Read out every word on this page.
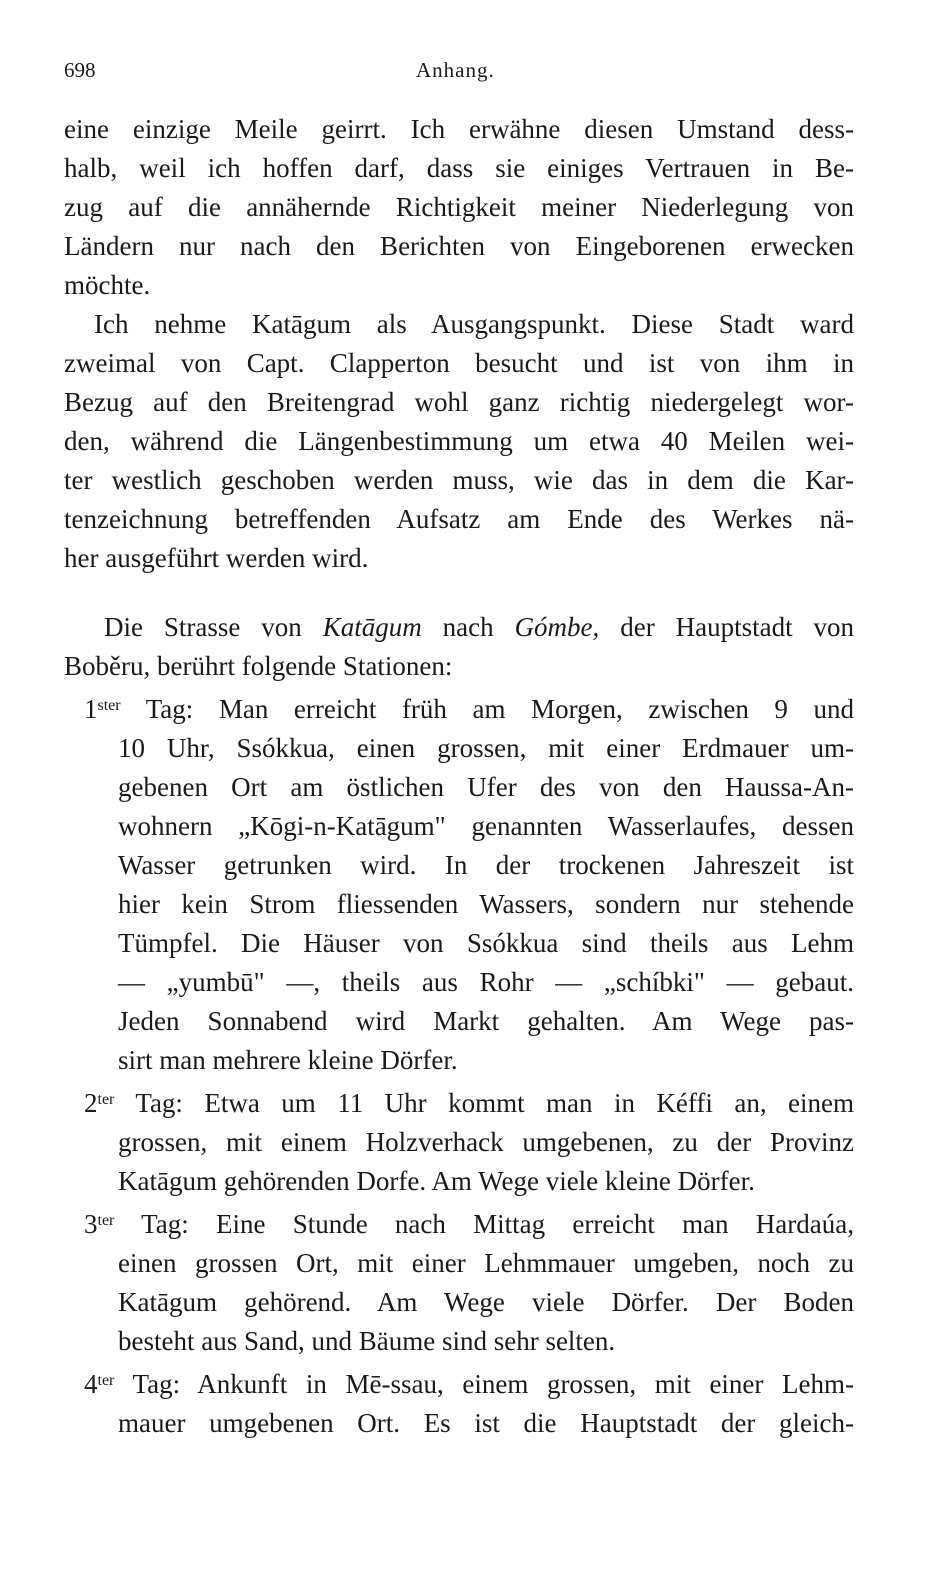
698	Anhang.

eine einzige Meile geirrt. Ich erwähne diesen Umstand dess-
halb, weil ich hoffen darf, dass sie einiges Vertrauen in Be-
zug auf die annähernde Richtigkeit meiner Niederlegung von
Ländern nur nach den Berichten von Eingeborenen erwecken
möchte.

Ich nehme Katāgum als Ausgangspunkt. Diese Stadt ward
zweimal von Capt. Clapperton besucht und ist von ihm in
Bezug auf den Breitengrad wohl ganz richtig niedergelegt wor-
den, während die Längenbestimmung um etwa 40 Meilen wei-
ter westlich geschoben werden muss, wie das in dem die Kar-
tenzeichnung betreffenden Aufsatz am Ende des Werkes nä-
her ausgeführt werden wird.

Die Strasse von Katāgum nach Gómbe, der Hauptstadt von
Boběru, berührt folgende Stationen:

$1^{ster}$ Tag: Man erreicht früh am Morgen, zwischen 9 und
10 Uhr, Ssókkua, einen grossen, mit einer Erdmauer um-
gebenen Ort am östlichen Ufer des von den Haussa-An-
wohnern „Kōgi-n-Katāgum" genannten Wasserlaufes, dessen
Wasser getrunken wird. In der trockenen Jahreszeit ist
hier kein Strom fliessenden Wassers, sondern nur stehende
Tümpfel. Die Häuser von Ssókkua sind theils aus Lehm
— „yumbū" —, theils aus Rohr — „schíbki" — gebaut.
Jeden Sonnabend wird Markt gehalten. Am Wege pas-
sirt man mehrere kleine Dörfer.
$2^{ter}$ Tag: Etwa um 11 Uhr kommt man in Kéffi an, einem
grossen, mit einem Holzverhack umgebenen, zu der Provinz
Katāgum gehörenden Dorfe. Am Wege viele kleine Dörfer.
$3^{ter}$ Tag: Eine Stunde nach Mittag erreicht man Hardaúa,
einen grossen Ort, mit einer Lehmmauer umgeben, noch zu
Katāgum gehörend. Am Wege viele Dörfer. Der Boden
besteht aus Sand, und Bäume sind sehr selten.
$4^{ter}$ Tag: Ankunft in Mē-ssau, einem grossen, mit einer Lehm-
mauer umgebenen Ort. Es ist die Hauptstadt der gleich-
